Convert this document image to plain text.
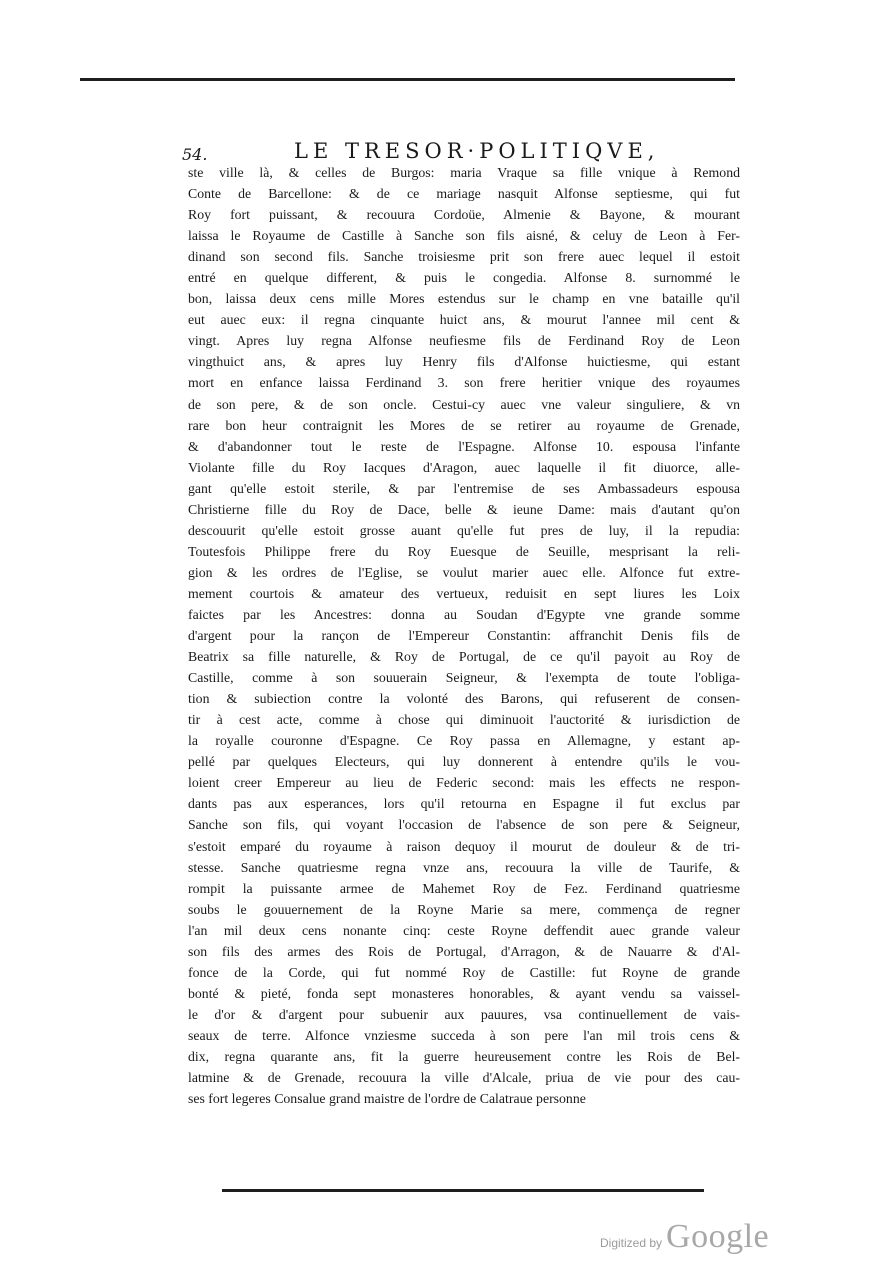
54.	LE TRESOR·POLITIQVE,
ste ville là, & celles de Burgos: maria Vraque sa fille vnique à Remond
Conte de Barcellone: & de ce mariage nasquit Alfonse septiesme, qui fut
Roy fort puissant, & recouura Cordoüe, Almenie & Bayone, & mourant
laissa le Royaume de Castille à Sanche son fils aisné, & celuy de Leon à Fer-
dinand son second fils. Sanche troisiesme prit son frere auec lequel il estoit
entré en quelque different, & puis le congedia. Alfonse 8. surnommé le
bon, laissa deux cens mille Mores estendus sur le champ en vne bataille qu'il
eut auec eux: il regna cinquante huict ans, & mourut l'annee mil cent &
vingt. Apres luy regna Alfonse neufiesme fils de Ferdinand Roy de Leon
vingthuict ans, & apres luy Henry fils d'Alfonse huictiesme, qui estant
mort en enfance laissa Ferdinand 3. son frere heritier vnique des royaumes
de son pere, & de son oncle. Cestui-cy auec vne valeur singuliere, & vn
rare bon heur contraignit les Mores de se retirer au royaume de Grenade,
& d'abandonner tout le reste de l'Espagne. Alfonse 10. espousa l'infante
Violante fille du Roy Iacques d'Aragon, auec laquelle il fit diuorce, alle-
gant qu'elle estoit sterile, & par l'entremise de ses Ambassadeurs espousa
Christierne fille du Roy de Dace, belle & ieune Dame: mais d'autant qu'on
descouurit qu'elle estoit grosse auant qu'elle fut pres de luy, il la repudia:
Toutesfois Philippe frere du Roy Euesque de Seuille, mesprisant la reli-
gion & les ordres de l'Eglise, se voulut marier auec elle. Alfonce fut extre-
mement courtois & amateur des vertueux, reduisit en sept liures les Loix
faictes par les Ancestres: donna au Soudan d'Egypte vne grande somme
d'argent pour la rançon de l'Empereur Constantin: affranchit Denis fils de
Beatrix sa fille naturelle, & Roy de Portugal, de ce qu'il payoit au Roy de
Castille, comme à son souuerain Seigneur, & l'exempta de toute l'obliga-
tion & subiection contre la volonté des Barons, qui refuserent de consen-
tir à cest acte, comme à chose qui diminuoit l'auctorité & iurisdiction de
la royalle couronne d'Espagne. Ce Roy passa en Allemagne, y estant ap-
pellé par quelques Electeurs, qui luy donnerent à entendre qu'ils le vou-
loient creer Empereur au lieu de Federic second: mais les effects ne respon-
dants pas aux esperances, lors qu'il retourna en Espagne il fut exclus par
Sanche son fils, qui voyant l'occasion de l'absence de son pere & Seigneur,
s'estoit emparé du royaume à raison dequoy il mourut de douleur & de tri-
stesse. Sanche quatriesme regna vnze ans, recouura la ville de Taurife, &
rompit la puissante armee de Mahemet Roy de Fez. Ferdinand quatriesme
soubs le gouuernement de la Royne Marie sa mere, commença de regner
l'an mil deux cens nonante cinq: ceste Royne deffendit auec grande valeur
son fils des armes des Rois de Portugal, d'Arragon, & de Nauarre & d'Al-
fonce de la Corde, qui fut nommé Roy de Castille: fut Royne de grande
bonté & pieté, fonda sept monasteres honorables, & ayant vendu sa vaissel-
le d'or & d'argent pour subuenir aux pauures, vsa continuellement de vais-
seaux de terre. Alfonce vnziesme succeda à son pere l'an mil trois cens &
dix, regna quarante ans, fit la guerre heureusement contre les Rois de Bel-
latmine & de Grenade, recouura la ville d'Alcale, priua de vie pour des cau-
ses fort legeres Consalue grand maistre de l'ordre de Calatraue personne
Digitized by Google
